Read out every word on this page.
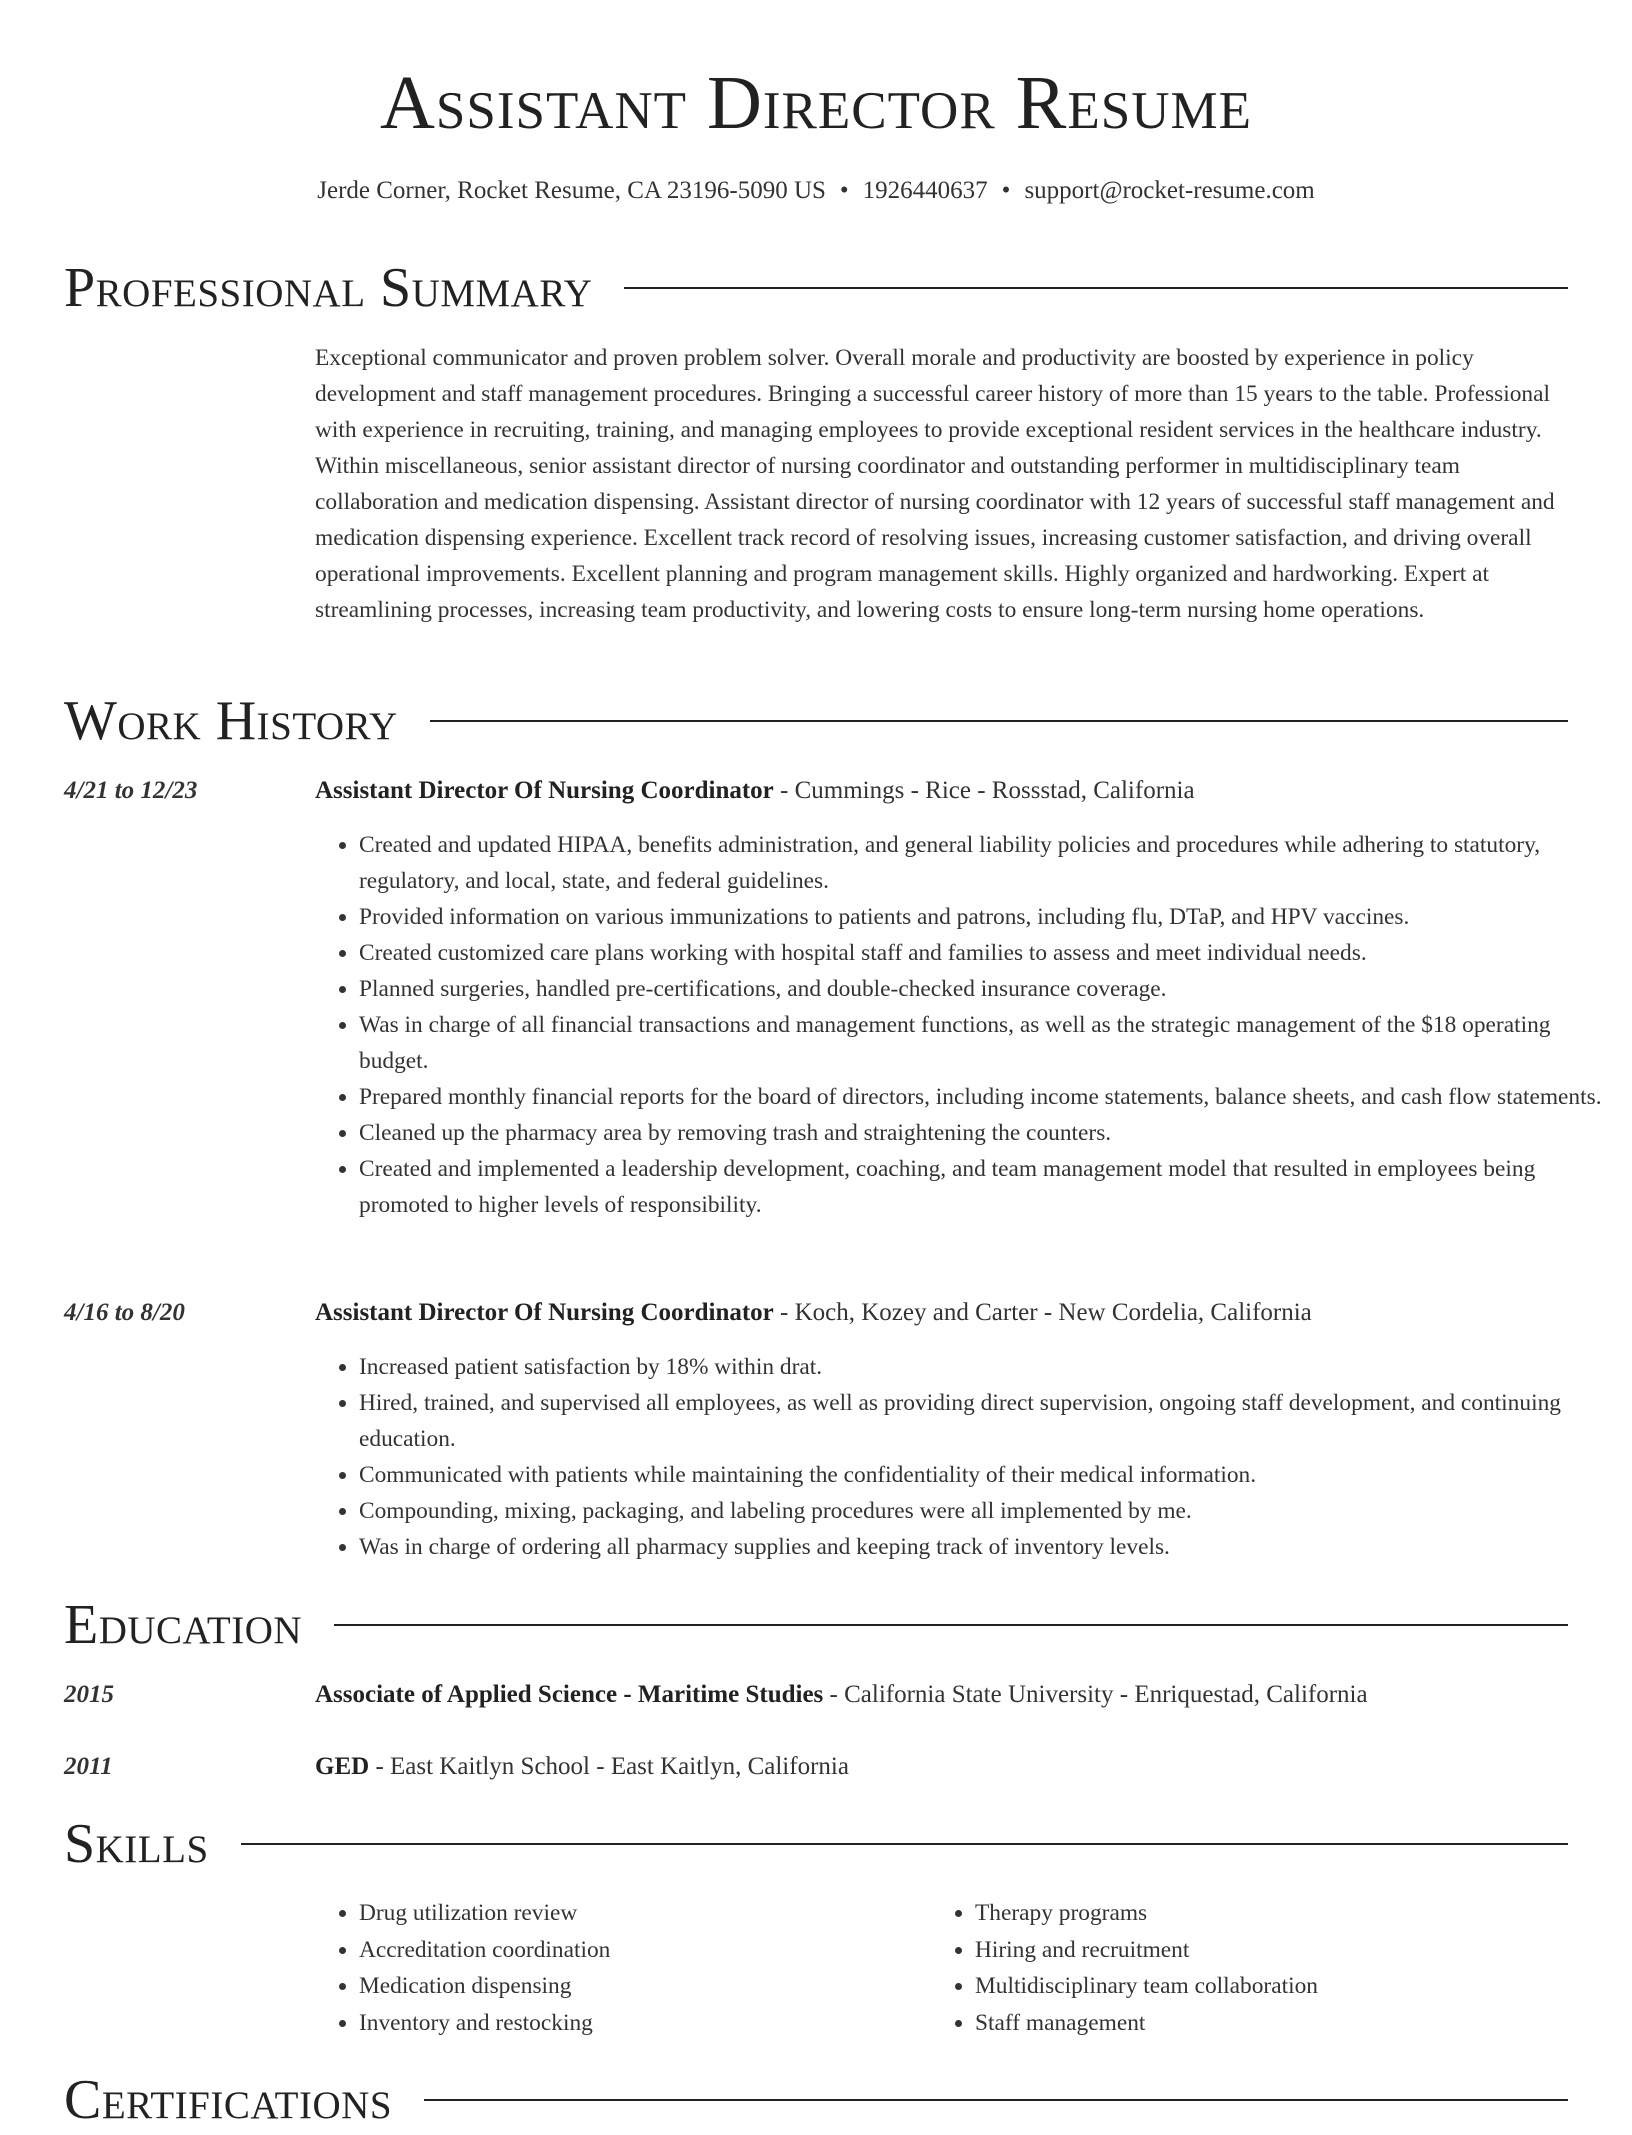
Assistant Director Resume
Jerde Corner, Rocket Resume, CA 23196-5090 US • 1926440637 • support@rocket-resume.com
Professional Summary

Exceptional communicator and proven problem solver. Overall morale and productivity are boosted by experience in policy development and staff management procedures. Bringing a successful career history of more than 15 years to the table. Professional with experience in recruiting, training, and managing employees to provide exceptional resident services in the healthcare industry. Within miscellaneous, senior assistant director of nursing coordinator and outstanding performer in multidisciplinary team collaboration and medication dispensing. Assistant director of nursing coordinator with 12 years of successful staff management and medication dispensing experience. Excellent track record of resolving issues, increasing customer satisfaction, and driving overall operational improvements. Excellent planning and program management skills. Highly organized and hardworking. Expert at streamlining processes, increasing team productivity, and lowering costs to ensure long-term nursing home operations.

Work History
4/21 to 12/23	Assistant Director Of Nursing Coordinator - Cummings - Rice - Rossstad, California
• Created and updated HIPAA, benefits administration, and general liability policies and procedures while adhering to statutory, regulatory, and local, state, and federal guidelines.
• Provided information on various immunizations to patients and patrons, including flu, DTaP, and HPV vaccines.
• Created customized care plans working with hospital staff and families to assess and meet individual needs.
• Planned surgeries, handled pre-certifications, and double-checked insurance coverage.
• Was in charge of all financial transactions and management functions, as well as the strategic management of the $18 operating budget.
• Prepared monthly financial reports for the board of directors, including income statements, balance sheets, and cash flow statements.
• Cleaned up the pharmacy area by removing trash and straightening the counters.
• Created and implemented a leadership development, coaching, and team management model that resulted in employees being promoted to higher levels of responsibility.
4/16 to 8/20	Assistant Director Of Nursing Coordinator - Koch, Kozey and Carter - New Cordelia, California
• Increased patient satisfaction by 18% within drat.
• Hired, trained, and supervised all employees, as well as providing direct supervision, ongoing staff development, and continuing education.
• Communicated with patients while maintaining the confidentiality of their medical information.
• Compounding, mixing, packaging, and labeling procedures were all implemented by me.
• Was in charge of ordering all pharmacy supplies and keeping track of inventory levels.
Education
2015	Associate of Applied Science - Maritime Studies - California State University - Enriquestad, California
2011	GED - East Kaitlyn School - East Kaitlyn, California
Skills
• Drug utilization review
• Accreditation coordination
• Medication dispensing
• Inventory and restocking
• Therapy programs
• Hiring and recruitment
• Multidisciplinary team collaboration
• Staff management
Certifications
